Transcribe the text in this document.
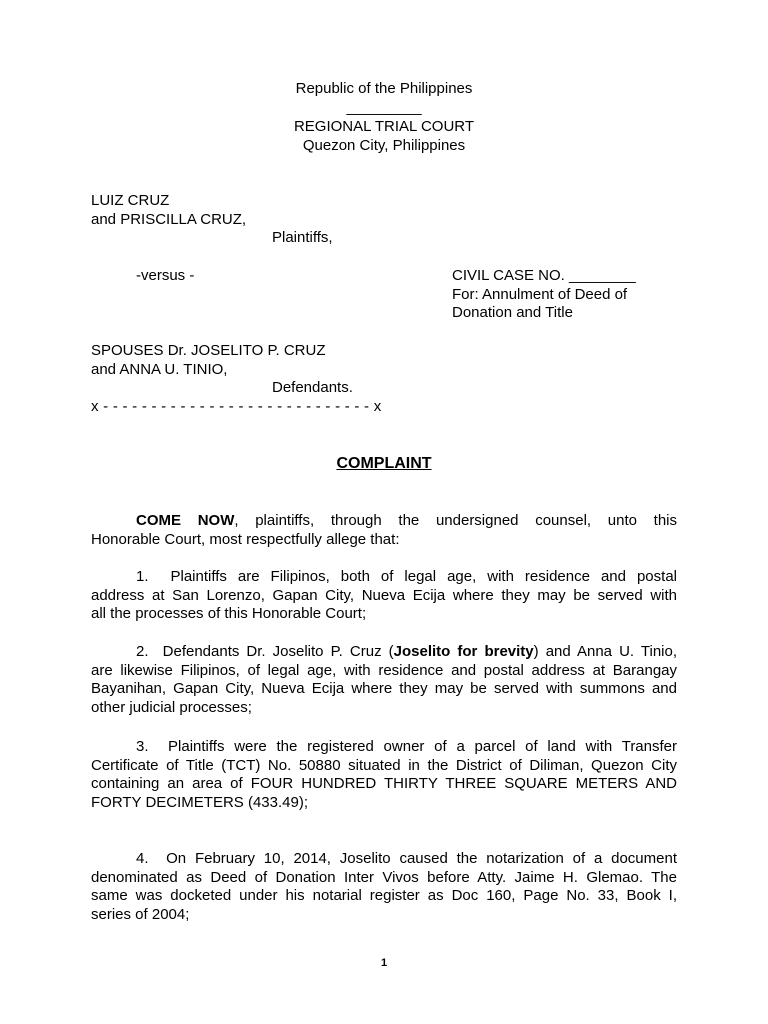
Republic of the Philippines
_________
REGIONAL TRIAL COURT
Quezon City, Philippines
LUIZ CRUZ
and PRISCILLA CRUZ,
Plaintiffs,
-versus -	CIVIL CASE NO. ________
For: Annulment of Deed of
Donation and Title
SPOUSES Dr. JOSELITO P. CRUZ
and ANNA U. TINIO,
Defendants.
x - - - - - - - - - - - - - - - - - - - - - - - - - - - - x
COMPLAINT
COME NOW, plaintiffs, through the undersigned counsel, unto this
Honorable Court, most respectfully allege that:
1.  Plaintiffs are Filipinos, both of legal age, with residence and postal
address at San Lorenzo, Gapan City, Nueva Ecija where they may be served with
all the processes of this Honorable Court;
2.  Defendants Dr. Joselito P. Cruz (Joselito for brevity) and Anna U. Tinio,
are likewise Filipinos, of legal age, with residence and postal address at Barangay
Bayanihan, Gapan City, Nueva Ecija where they may be served with summons and
other judicial processes;
3.  Plaintiffs were the registered owner of a parcel of land with Transfer
Certificate of Title (TCT) No. 50880 situated in the District of Diliman, Quezon City
containing an area of FOUR HUNDRED THIRTY THREE SQUARE METERS AND
FORTY DECIMETERS (433.49);
4.  On February 10, 2014, Joselito caused the notarization of a document
denominated as Deed of Donation Inter Vivos before Atty. Jaime H. Glemao. The
same was docketed under his notarial register as Doc 160, Page No. 33, Book I,
series of 2004;
1
